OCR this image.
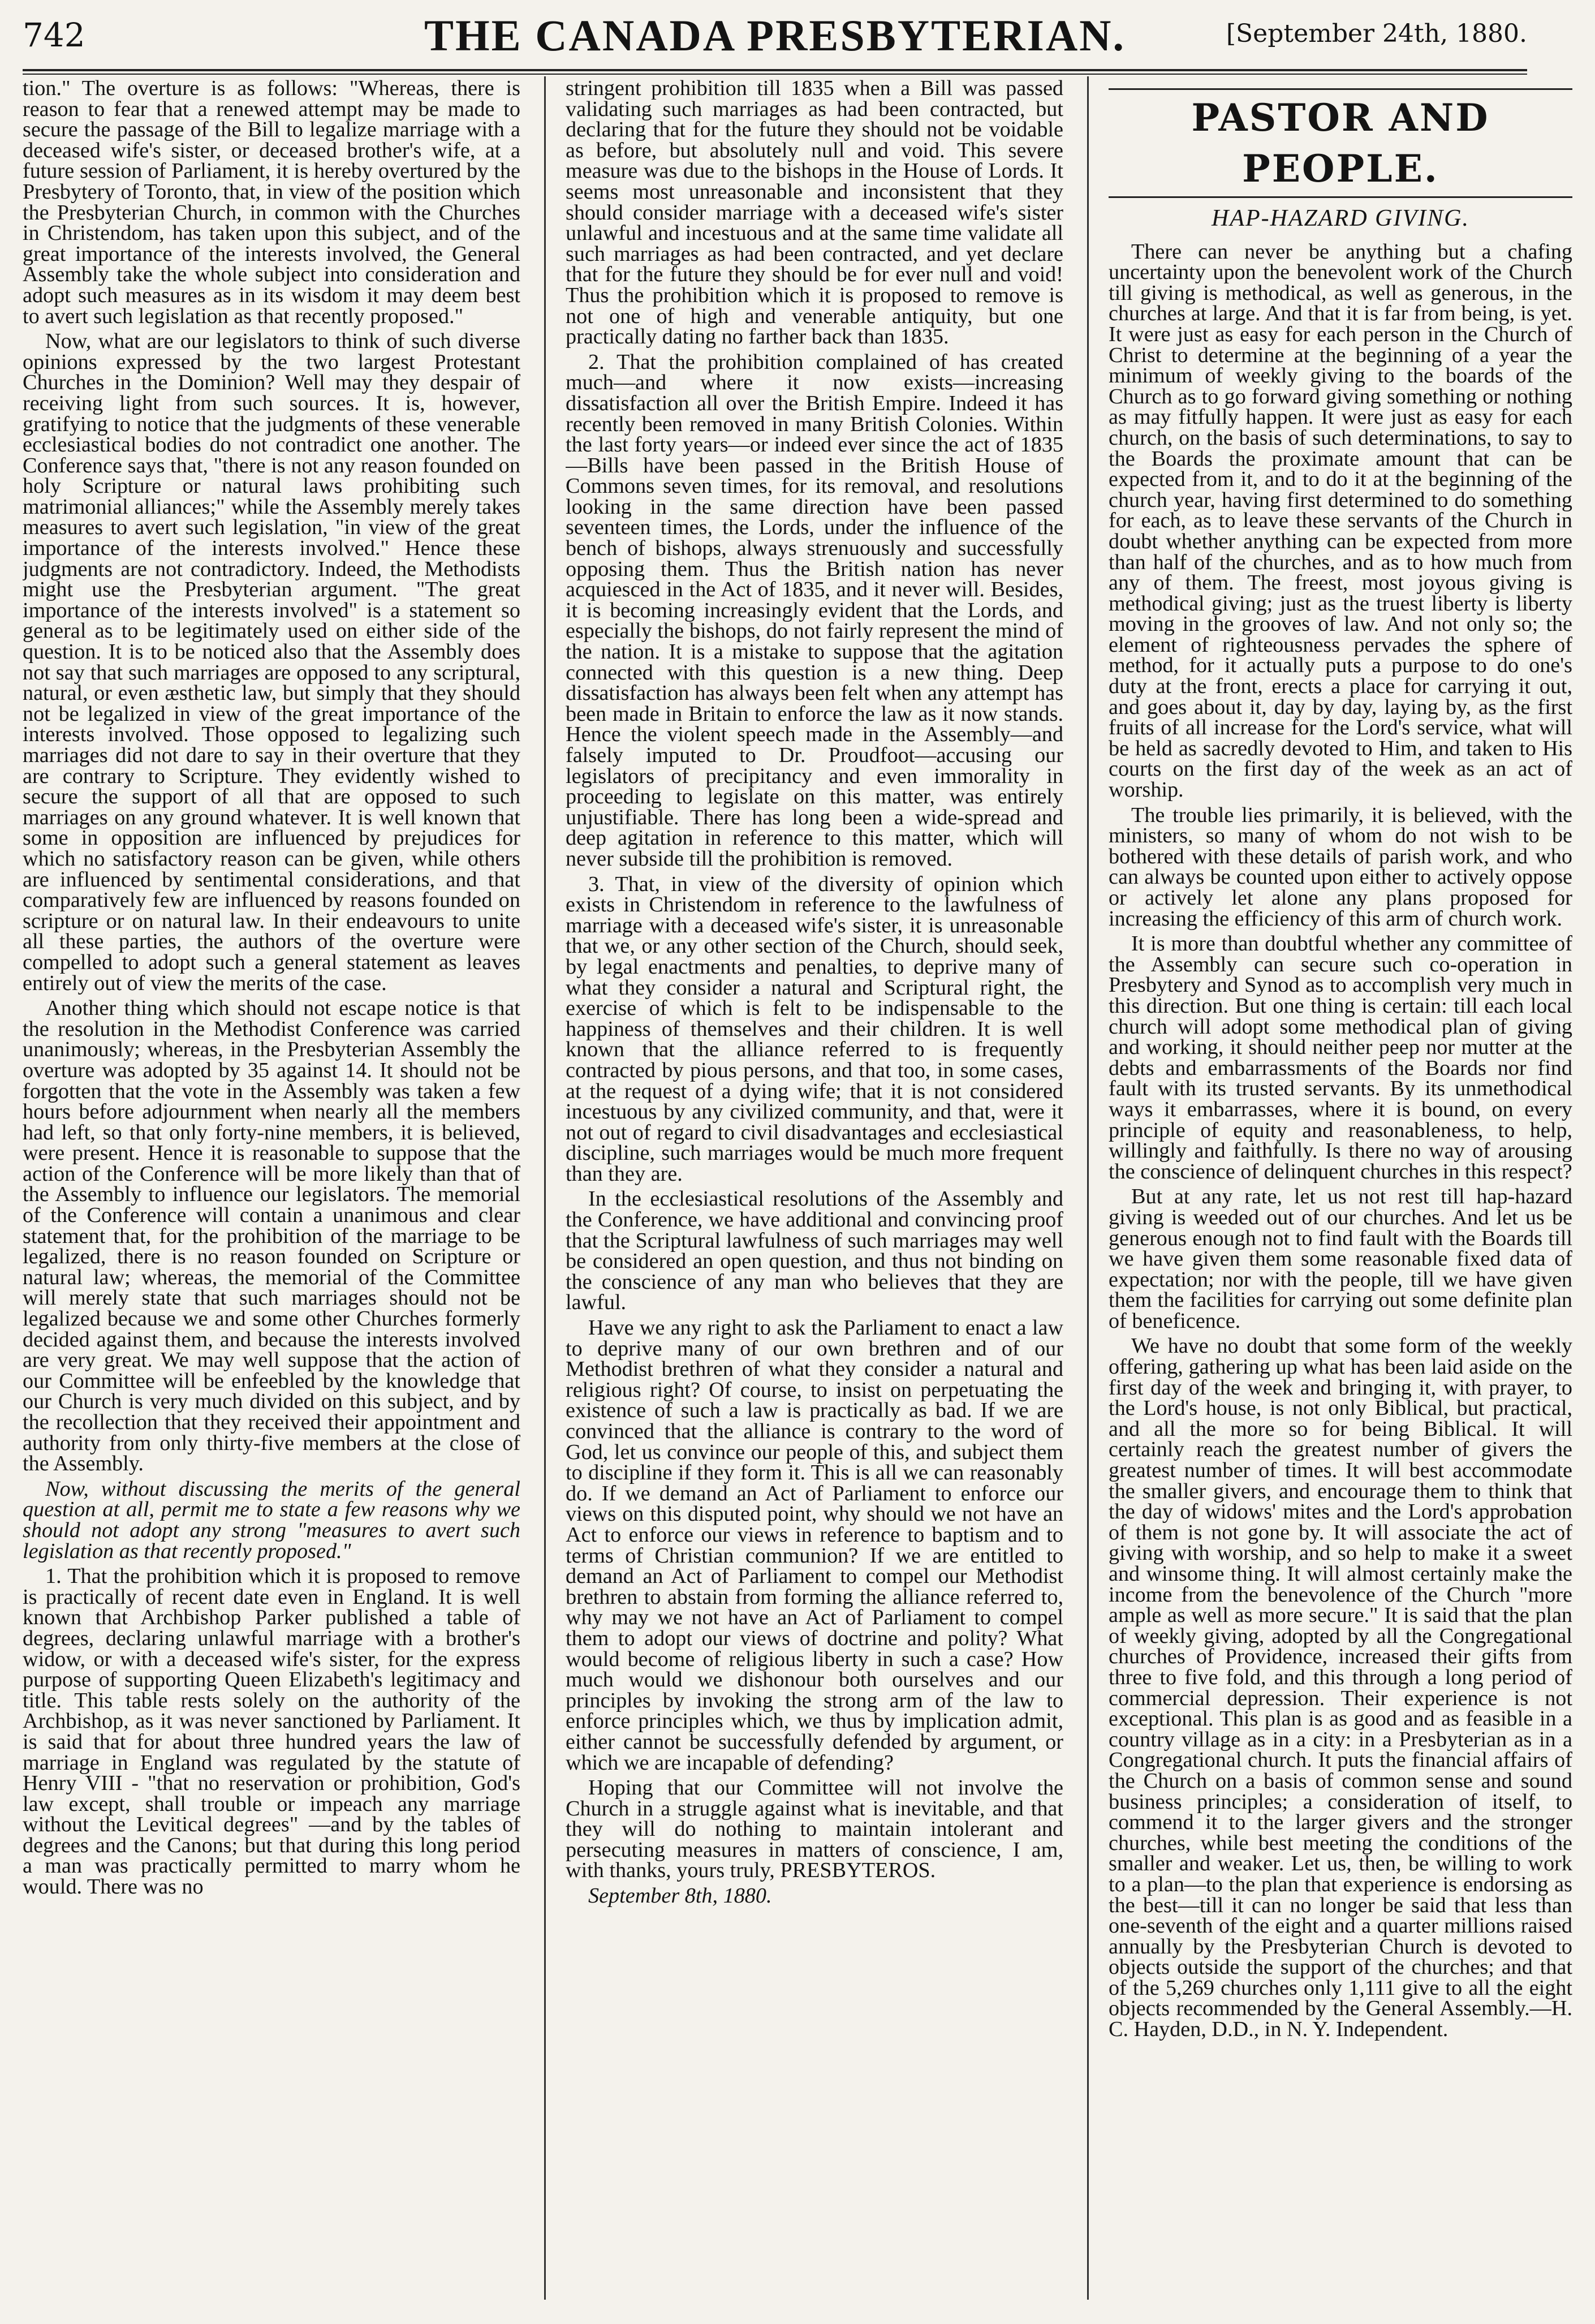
742	THE CANADA PRESBYTERIAN.	[September 24th, 1880.

tion." The overture is as follows: "Whereas, there is reason to fear that a renewed attempt may be made to secure the passage of the Bill to legalize marriage with a deceased wife's sister, or deceased brother's wife, at a future session of Parliament, it is hereby overtured by the Presbytery of Toronto, that, in view of the position which the Presbyterian Church, in common with the Churches in Christendom, has taken upon this subject, and of the great importance of the interests involved, the General Assembly take the whole subject into consideration and adopt such measures as in its wisdom it may deem best to avert such legislation as that recently proposed."

Now, what are our legislators to think of such diverse opinions expressed by the two largest Protestant Churches in the Dominion? Well may they despair of receiving light from such sources. It is, however, gratifying to notice that the judgments of these venerable ecclesiastical bodies do not contradict one another. The Conference says that, "there is not any reason founded on holy Scripture or natural laws prohibiting such matrimonial alliances;" while the Assembly merely takes measures to avert such legislation, "in view of the great importance of the interests involved." Hence these judgments are not contradictory. Indeed, the Methodists might use the Presbyterian argument. "The great importance of the interests involved" is a statement so general as to be legitimately used on either side of the question. It is to be noticed also that the Assembly does not say that such marriages are opposed to any scriptural, natural, or even æsthetic law, but simply that they should not be legalized in view of the great importance of the interests involved. Those opposed to legalizing such marriages did not dare to say in their overture that they are contrary to Scripture. They evidently wished to secure the support of all that are opposed to such marriages on any ground whatever. It is well known that some in opposition are influenced by prejudices for which no satisfactory reason can be given, while others are influenced by sentimental considerations, and that comparatively few are influenced by reasons founded on scripture or on natural law. In their endeavours to unite all these parties, the authors of the overture were compelled to adopt such a general statement as leaves entirely out of view the merits of the case.

Another thing which should not escape notice is that the resolution in the Methodist Conference was carried unanimously; whereas, in the Presbyterian Assembly the overture was adopted by 35 against 14. It should not be forgotten that the vote in the Assembly was taken a few hours before adjournment when nearly all the members had left, so that only forty-nine members, it is believed, were present. Hence it is reasonable to suppose that the action of the Conference will be more likely than that of the Assembly to influence our legislators. The memorial of the Conference will contain a unanimous and clear statement that, for the prohibition of the marriage to be legalized, there is no reason founded on Scripture or natural law; whereas, the memorial of the Committee will merely state that such marriages should not be legalized because we and some other Churches formerly decided against them, and because the interests involved are very great. We may well suppose that the action of our Committee will be enfeebled by the knowledge that our Church is very much divided on this subject, and by the recollection that they received their appointment and authority from only thirty-five members at the close of the Assembly.

Now, without discussing the merits of the general question at all, permit me to state a few reasons why we should not adopt any strong "measures to avert such legislation as that recently proposed."

1. That the prohibition which it is proposed to remove is practically of recent date even in England. It is well known that Archbishop Parker published a table of degrees, declaring unlawful marriage with a brother's widow, or with a deceased wife's sister, for the express purpose of supporting Queen Elizabeth's legitimacy and title. This table rests solely on the authority of the Archbishop, as it was never sanctioned by Parliament. It is said that for about three hundred years the law of marriage in England was regulated by the statute of Henry VIII - "that no reservation or prohibition, God's law except, shall trouble or impeach any marriage without the Levitical degrees" —and by the tables of degrees and the Canons; but that during this long period a man was practically permitted to marry whom he would. There was no

stringent prohibition till 1835 when a Bill was passed validating such marriages as had been contracted, but declaring that for the future they should not be voidable as before, but absolutely null and void. This severe measure was due to the bishops in the House of Lords. It seems most unreasonable and inconsistent that they should consider marriage with a deceased wife's sister unlawful and incestuous and at the same time validate all such marriages as had been contracted, and yet declare that for the future they should be for ever null and void! Thus the prohibition which it is proposed to remove is not one of high and venerable antiquity, but one practically dating no farther back than 1835.

2. That the prohibition complained of has created much—and where it now exists—increasing dissatisfaction all over the British Empire. Indeed it has recently been removed in many British Colonies. Within the last forty years—or indeed ever since the act of 1835—Bills have been passed in the British House of Commons seven times, for its removal, and resolutions looking in the same direction have been passed seventeen times, the Lords, under the influence of the bench of bishops, always strenuously and successfully opposing them. Thus the British nation has never acquiesced in the Act of 1835, and it never will. Besides, it is becoming increasingly evident that the Lords, and especially the bishops, do not fairly represent the mind of the nation. It is a mistake to suppose that the agitation connected with this question is a new thing. Deep dissatisfaction has always been felt when any attempt has been made in Britain to enforce the law as it now stands. Hence the violent speech made in the Assembly—and falsely imputed to Dr. Proudfoot—accusing our legislators of precipitancy and even immorality in proceeding to legislate on this matter, was entirely unjustifiable. There has long been a wide-spread and deep agitation in reference to this matter, which will never subside till the prohibition is removed.

3. That, in view of the diversity of opinion which exists in Christendom in reference to the lawfulness of marriage with a deceased wife's sister, it is unreasonable that we, or any other section of the Church, should seek, by legal enactments and penalties, to deprive many of what they consider a natural and Scriptural right, the exercise of which is felt to be indispensable to the happiness of themselves and their children. It is well known that the alliance referred to is frequently contracted by pious persons, and that too, in some cases, at the request of a dying wife; that it is not considered incestuous by any civilized community, and that, were it not out of regard to civil disadvantages and ecclesiastical discipline, such marriages would be much more frequent than they are.

In the ecclesiastical resolutions of the Assembly and the Conference, we have additional and convincing proof that the Scriptural lawfulness of such marriages may well be considered an open question, and thus not binding on the conscience of any man who believes that they are lawful.

Have we any right to ask the Parliament to enact a law to deprive many of our own brethren and of our Methodist brethren of what they consider a natural and religious right? Of course, to insist on perpetuating the existence of such a law is practically as bad. If we are convinced that the alliance is contrary to the word of God, let us convince our people of this, and subject them to discipline if they form it. This is all we can reasonably do. If we demand an Act of Parliament to enforce our views on this disputed point, why should we not have an Act to enforce our views in reference to baptism and to terms of Christian communion? If we are entitled to demand an Act of Parliament to compel our Methodist brethren to abstain from forming the alliance referred to, why may we not have an Act of Parliament to compel them to adopt our views of doctrine and polity? What would become of religious liberty in such a case? How much would we dishonour both ourselves and our principles by invoking the strong arm of the law to enforce principles which, we thus by implication admit, either cannot be successfully defended by argument, or which we are incapable of defending?

Hoping that our Committee will not involve the Church in a struggle against what is inevitable, and that they will do nothing to maintain intolerant and persecuting measures in matters of conscience, I am, with thanks, yours truly, PRESBYTEROS.

September 8th, 1880.

PASTOR AND PEOPLE.
HAP-HAZARD GIVING.

There can never be anything but a chafing uncertainty upon the benevolent work of the Church till giving is methodical, as well as generous, in the churches at large. And that it is far from being, is yet. It were just as easy for each person in the Church of Christ to determine at the beginning of a year the minimum of weekly giving to the boards of the Church as to go forward giving something or nothing as may fitfully happen. It were just as easy for each church, on the basis of such determinations, to say to the Boards the proximate amount that can be expected from it, and to do it at the beginning of the church year, having first determined to do something for each, as to leave these servants of the Church in doubt whether anything can be expected from more than half of the churches, and as to how much from any of them. The freest, most joyous giving is methodical giving; just as the truest liberty is liberty moving in the grooves of law. And not only so; the element of righteousness pervades the sphere of method, for it actually puts a purpose to do one's duty at the front, erects a place for carrying it out, and goes about it, day by day, laying by, as the first fruits of all increase for the Lord's service, what will be held as sacredly devoted to Him, and taken to His courts on the first day of the week as an act of worship.

The trouble lies primarily, it is believed, with the ministers, so many of whom do not wish to be bothered with these details of parish work, and who can always be counted upon either to actively oppose or actively let alone any plans proposed for increasing the efficiency of this arm of church work.

It is more than doubtful whether any committee of the Assembly can secure such co-operation in Presbytery and Synod as to accomplish very much in this direction. But one thing is certain: till each local church will adopt some methodical plan of giving and working, it should neither peep nor mutter at the debts and embarrassments of the Boards nor find fault with its trusted servants. By its unmethodical ways it embarrasses, where it is bound, on every principle of equity and reasonableness, to help, willingly and faithfully. Is there no way of arousing the conscience of delinquent churches in this respect?

But at any rate, let us not rest till hap-hazard giving is weeded out of our churches. And let us be generous enough not to find fault with the Boards till we have given them some reasonable fixed data of expectation; nor with the people, till we have given them the facilities for carrying out some definite plan of beneficence.

We have no doubt that some form of the weekly offering, gathering up what has been laid aside on the first day of the week and bringing it, with prayer, to the Lord's house, is not only Biblical, but practical, and all the more so for being Biblical. It will certainly reach the greatest number of givers the greatest number of times. It will best accommodate the smaller givers, and encourage them to think that the day of widows' mites and the Lord's approbation of them is not gone by. It will associate the act of giving with worship, and so help to make it a sweet and winsome thing. It will almost certainly make the income from the benevolence of the Church "more ample as well as more secure." It is said that the plan of weekly giving, adopted by all the Congregational churches of Providence, increased their gifts from three to five fold, and this through a long period of commercial depression. Their experience is not exceptional. This plan is as good and as feasible in a country village as in a city: in a Presbyterian as in a Congregational church. It puts the financial affairs of the Church on a basis of common sense and sound business principles; a consideration of itself, to commend it to the larger givers and the stronger churches, while best meeting the conditions of the smaller and weaker. Let us, then, be willing to work to a plan—to the plan that experience is endorsing as the best—till it can no longer be said that less than one-seventh of the eight and a quarter millions raised annually by the Presbyterian Church is devoted to objects outside the support of the churches; and that of the 5,269 churches only 1,111 give to all the eight objects recommended by the General Assembly.—H. C. Hayden, D.D., in N. Y. Independent.
